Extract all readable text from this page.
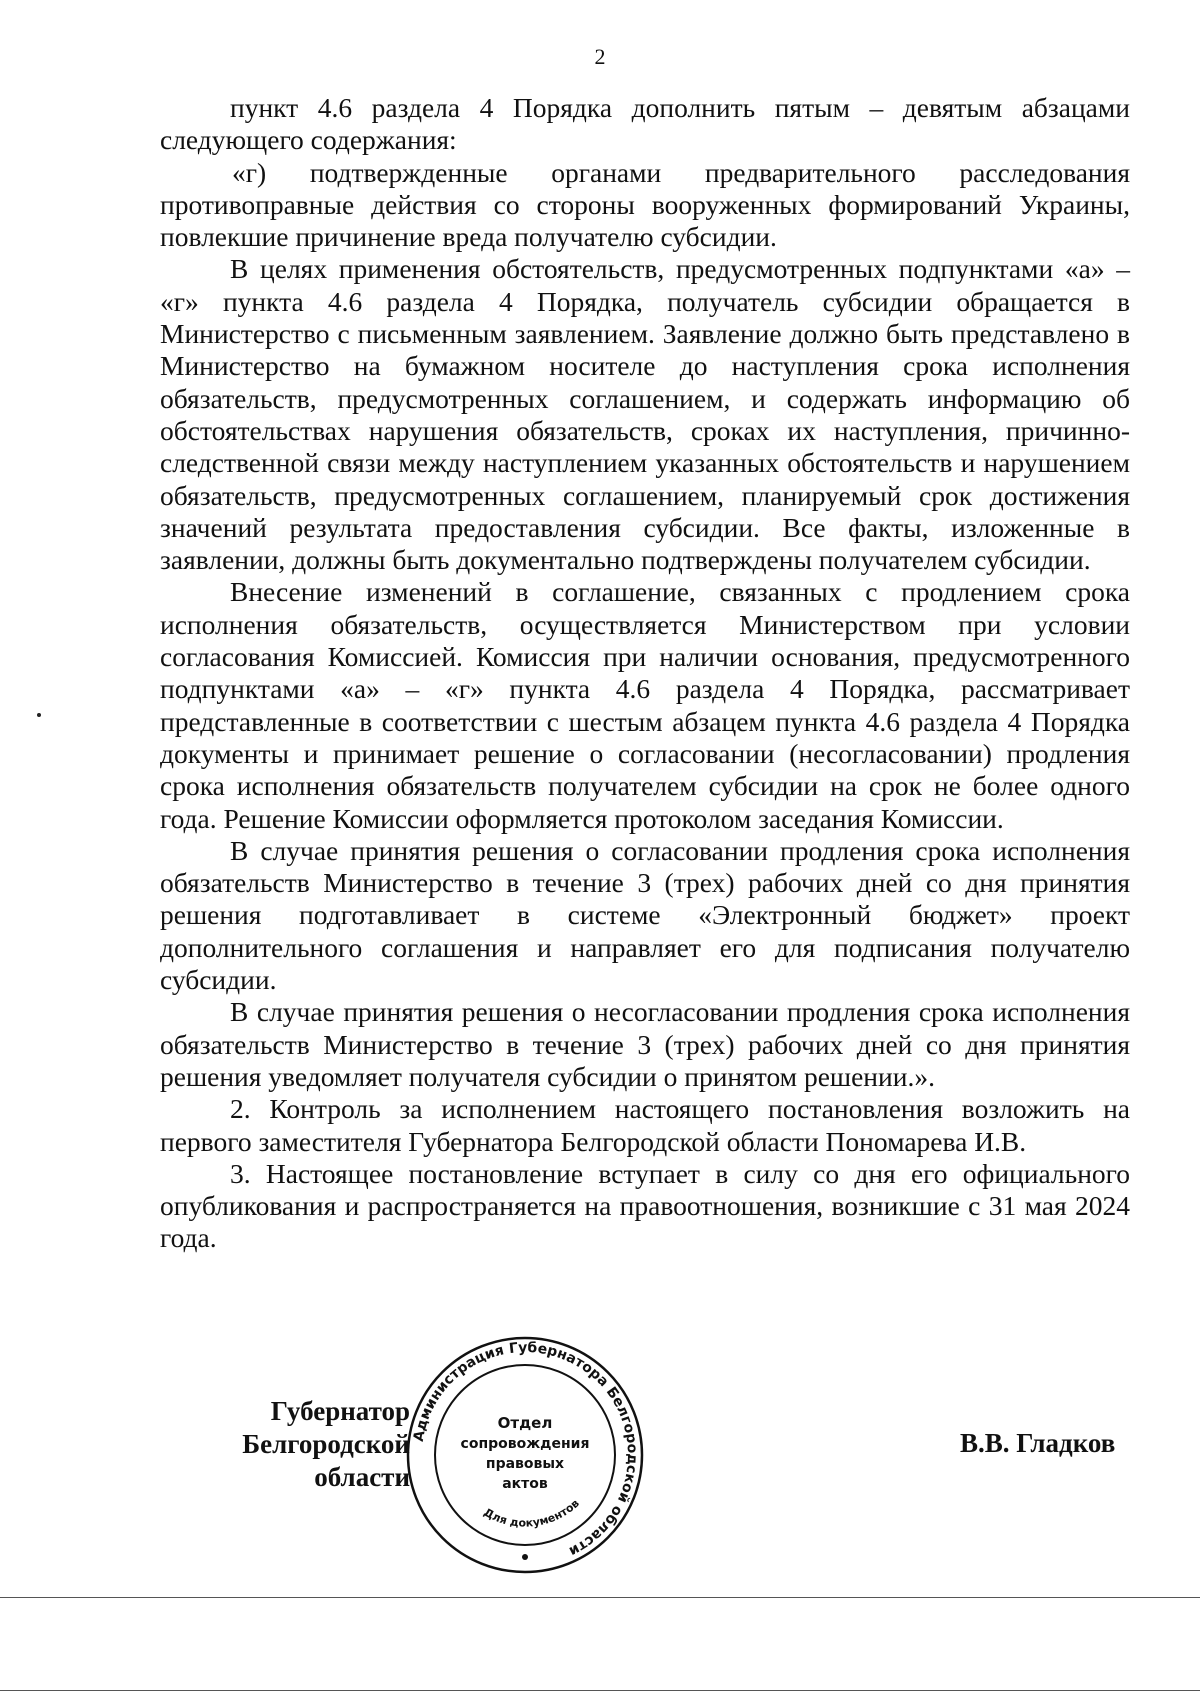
2

пункт 4.6 раздела 4 Порядка дополнить пятым – девятым абзацами следующего содержания:

«г) подтвержденные органами предварительного расследования противоправные действия со стороны вооруженных формирований Украины, повлекшие причинение вреда получателю субсидии.

В целях применения обстоятельств, предусмотренных подпунктами «а» – «г» пункта 4.6 раздела 4 Порядка, получатель субсидии обращается в Министерство с письменным заявлением. Заявление должно быть представлено в Министерство на бумажном носителе до наступления срока исполнения обязательств, предусмотренных соглашением, и содержать информацию об обстоятельствах нарушения обязательств, сроках их наступления, причинно-следственной связи между наступлением указанных обстоятельств и нарушением обязательств, предусмотренных соглашением, планируемый срок достижения значений результата предоставления субсидии. Все факты, изложенные в заявлении, должны быть документально подтверждены получателем субсидии.

Внесение изменений в соглашение, связанных с продлением срока исполнения обязательств, осуществляется Министерством при условии согласования Комиссией. Комиссия при наличии основания, предусмотренного подпунктами «а» – «г» пункта 4.6 раздела 4 Порядка, рассматривает представленные в соответствии с шестым абзацем пункта 4.6 раздела 4 Порядка документы и принимает решение о согласовании (несогласовании) продления срока исполнения обязательств получателем субсидии на срок не более одного года. Решение Комиссии оформляется протоколом заседания Комиссии.

В случае принятия решения о согласовании продления срока исполнения обязательств Министерство в течение 3 (трех) рабочих дней со дня принятия решения подготавливает в системе «Электронный бюджет» проект дополнительного соглашения и направляет его для подписания получателю субсидии.

В случае принятия решения о несогласовании продления срока исполнения обязательств Министерство в течение 3 (трех) рабочих дней со дня принятия решения уведомляет получателя субсидии о принятом решении.».

2. Контроль за исполнением настоящего постановления возложить на первого заместителя Губернатора Белгородской области Пономарева И.В.

3. Настоящее постановление вступает в силу со дня его официального опубликования и распространяется на правоотношения, возникшие с 31 мая 2024 года.

Губернатор
Белгородской области
Администрация Губернатора Белгородской области
Для документов
Отдел
сопровождения
правовых
актов
В.В. Гладков
